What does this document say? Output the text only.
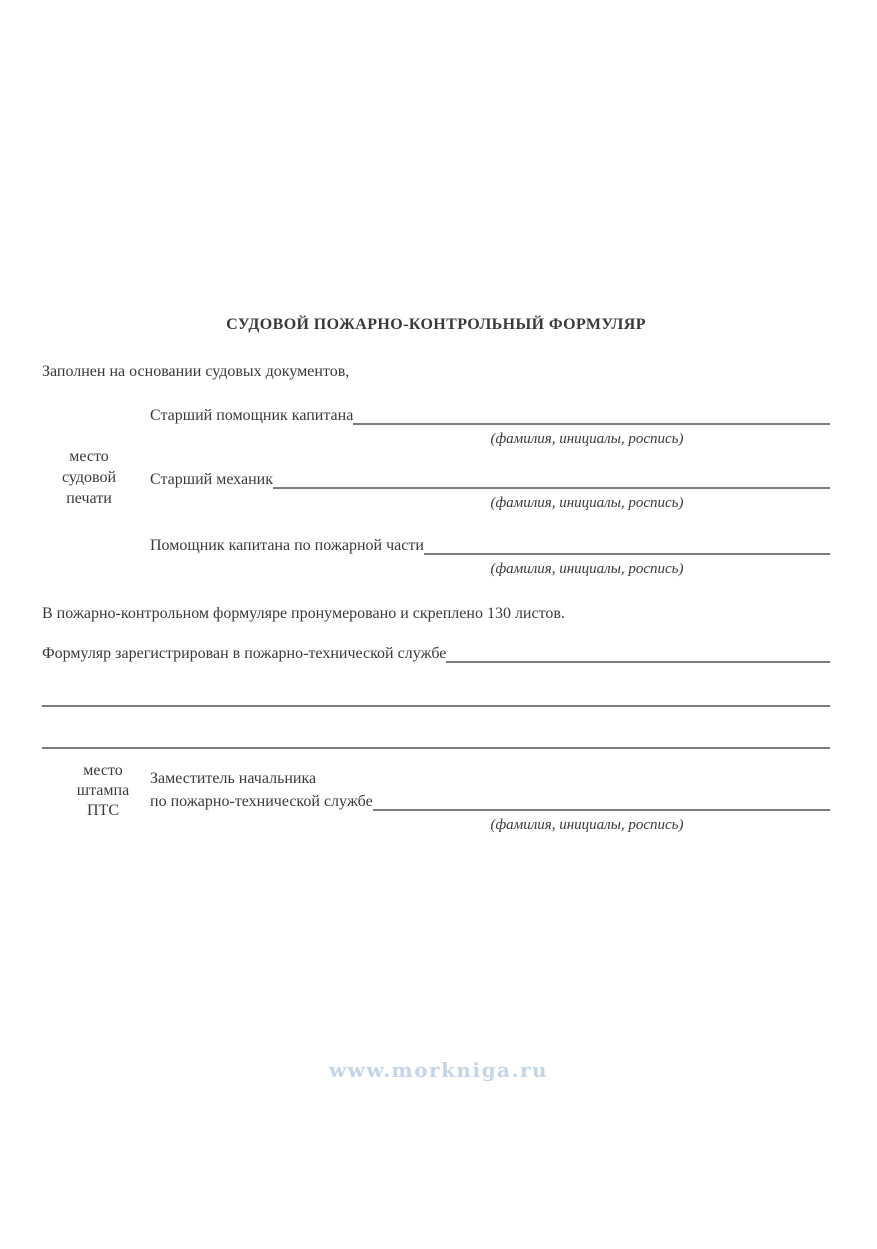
СУДОВОЙ ПОЖАРНО-КОНТРОЛЬНЫЙ ФОРМУЛЯР
Заполнен на основании судовых документов,
место
судовой
печати
Старший помощник капитана
(фамилия, инициалы, роспись)
Старший механик
(фамилия, инициалы, роспись)
Помощник капитана по пожарной части
(фамилия, инициалы, роспись)
В пожарно-контрольном формуляре пронумеровано и скреплено 130 листов.
Формуляр зарегистрирован в пожарно-технической службе
место
штампа
ПТС
Заместитель начальника
по пожарно-технической службе
(фамилия, инициалы, роспись)
www.morkniga.ru
